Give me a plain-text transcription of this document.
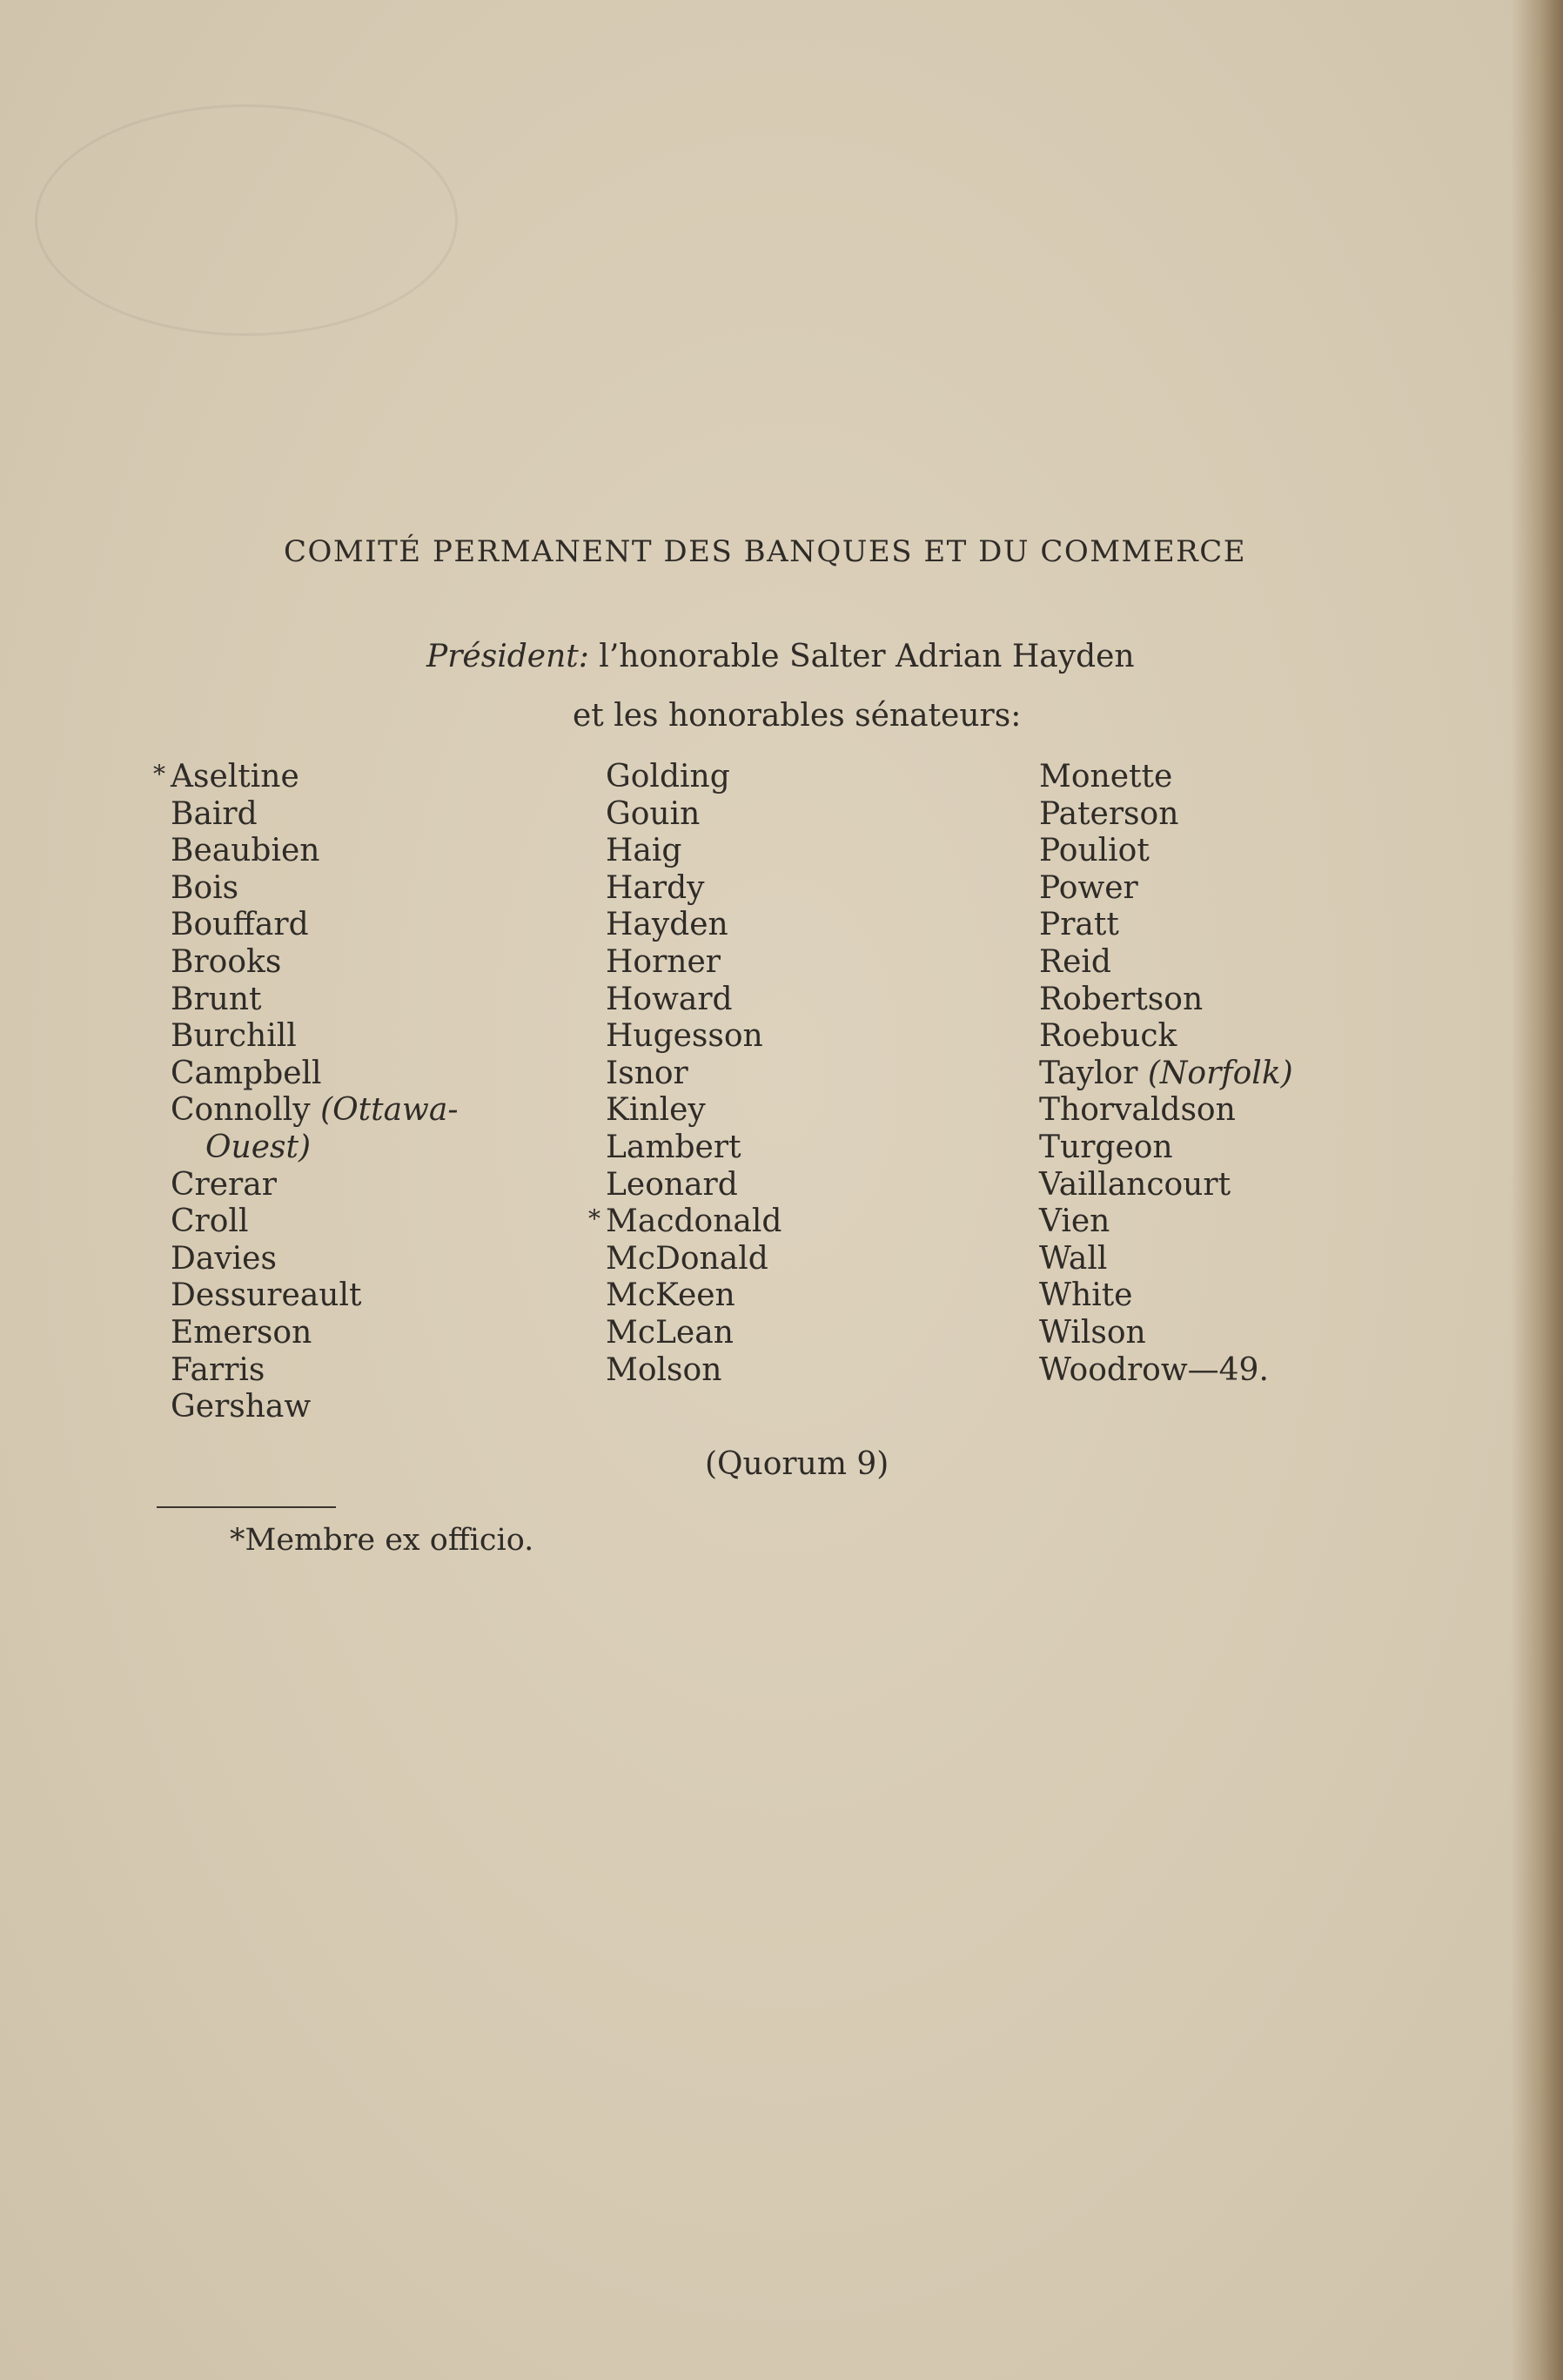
COMITÉ PERMANENT DES BANQUES ET DU COMMERCE
Président: l’honorable Salter Adrian Hayden
et les honorables sénateurs:
* Aseltine
Baird
Beaubien
Bois
Bouffard
Brooks
Brunt
Burchill
Campbell
Connolly (Ottawa-
Ouest)
Crerar
Croll
Davies
Dessureault
Emerson
Farris
Gershaw
Golding
Gouin
Haig
Hardy
Hayden
Horner
Howard
Hugesson
Isnor
Kinley
Lambert
Leonard
* Macdonald
McDonald
McKeen
McLean
Molson
Monette
Paterson
Pouliot
Power
Pratt
Reid
Robertson
Roebuck
Taylor (Norfolk)
Thorvaldson
Turgeon
Vaillancourt
Vien
Wall
White
Wilson
Woodrow—49.
(Quorum 9)
*Membre ex officio.
